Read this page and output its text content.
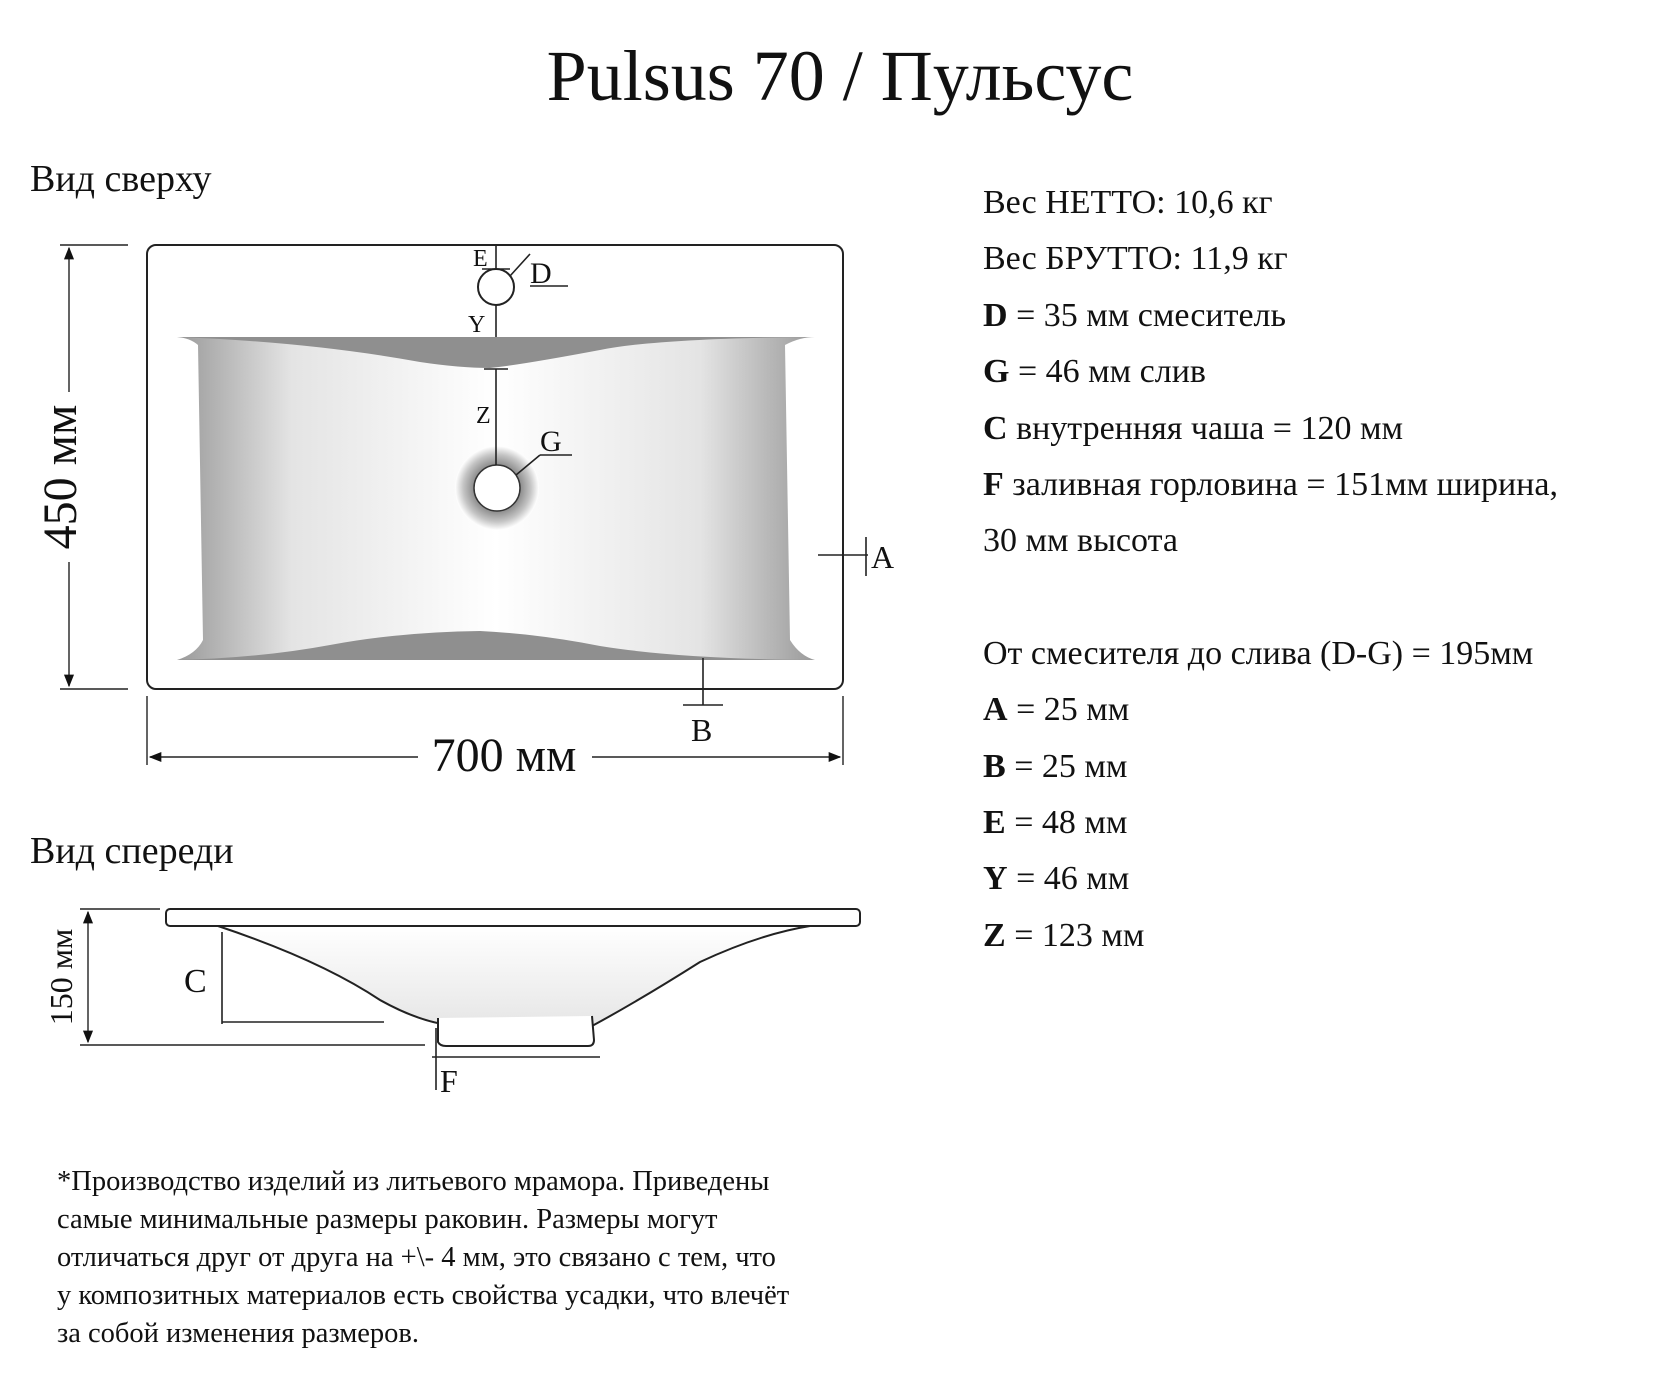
Pulsus 70 / Пульсус
Вид сверху
Вид спереди
E D
Y
Z
G
A
B
450 мм
700 мм
C
F
150 мм
Вес НЕТТО: 10,6 кг
Вес БРУТТО: 11,9 кг
D = 35 мм смеситель
G = 46 мм слив
C внутренняя чаша = 120 мм
F заливная горловина = 151мм ширина,
30 мм высота
От смесителя до слива (D-G) = 195мм
A = 25 мм
B = 25 мм
E = 48 мм
Y = 46 мм
Z = 123 мм
*Производство изделий из литьевого мрамора. Приведены
самые минимальные размеры раковин. Размеры могут
отличаться друг от друга на +\- 4 мм, это связано с тем, что
у композитных материалов есть свойства усадки, что влечёт
за собой изменения размеров.
